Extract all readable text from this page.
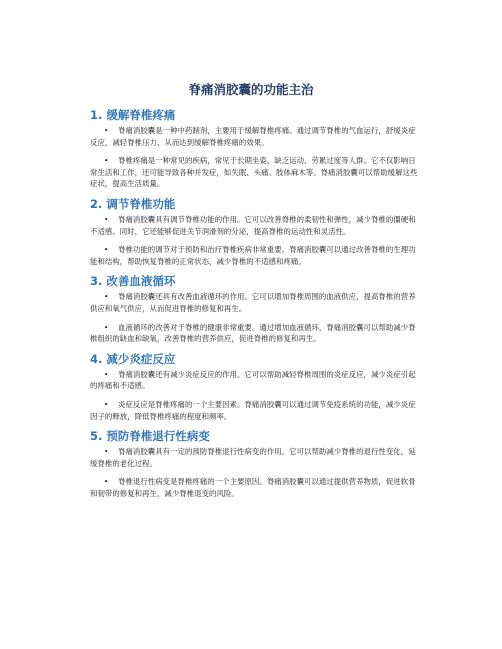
脊痛消胶囊的功能主治
1. 缓解脊椎疼痛
• 脊痛消胶囊是一种中药制剂，主要用于缓解脊椎疼痛。通过调节脊椎的气血运行，舒缓炎症反应，减轻脊椎压力，从而达到缓解脊椎疼痛的效果。
• 脊椎疼痛是一种常见的疾病，常见于长期坐姿、缺乏运动、劳累过度等人群。它不仅影响日常生活和工作，还可能导致各种并发症，如失眠、头痛、肢体麻木等。脊痛消胶囊可以帮助缓解这些症状，提高生活质量。
2. 调节脊椎功能
• 脊痛消胶囊具有调节脊椎功能的作用。它可以改善脊椎的柔韧性和弹性，减少脊椎的僵硬和不适感。同时，它还能够促进关节润滑剂的分泌，提高脊椎的运动性和灵活性。
• 脊椎功能的调节对于预防和治疗脊椎疾病非常重要。脊痛消胶囊可以通过改善脊椎的生理功能和结构，帮助恢复脊椎的正常状态，减少脊椎的不适感和疼痛。
3. 改善血液循环
• 脊痛消胶囊还具有改善血液循环的作用。它可以增加脊椎周围的血液供应，提高脊椎的营养供应和氧气供应，从而促进脊椎的修复和再生。
• 血液循环的改善对于脊椎的健康非常重要。通过增加血液循环，脊痛消胶囊可以帮助减少脊椎组织的缺血和缺氧，改善脊椎的营养供应，促进脊椎的修复和再生。
4. 减少炎症反应
• 脊痛消胶囊还有减少炎症反应的作用。它可以帮助减轻脊椎周围的炎症反应，减少炎症引起的疼痛和不适感。
• 炎症反应是脊椎疼痛的一个主要因素。脊痛消胶囊可以通过调节免疫系统的功能，减少炎症因子的释放，降低脊椎疼痛的程度和频率。
5. 预防脊椎退行性病变
• 脊痛消胶囊具有一定的预防脊椎退行性病变的作用。它可以帮助减少脊椎的退行性变化，延缓脊椎的老化过程。
• 脊椎退行性病变是脊椎疼痛的一个主要原因。脊痛消胶囊可以通过提供营养物质，促进软骨和韧带的修复和再生，减少脊椎退变的风险。
